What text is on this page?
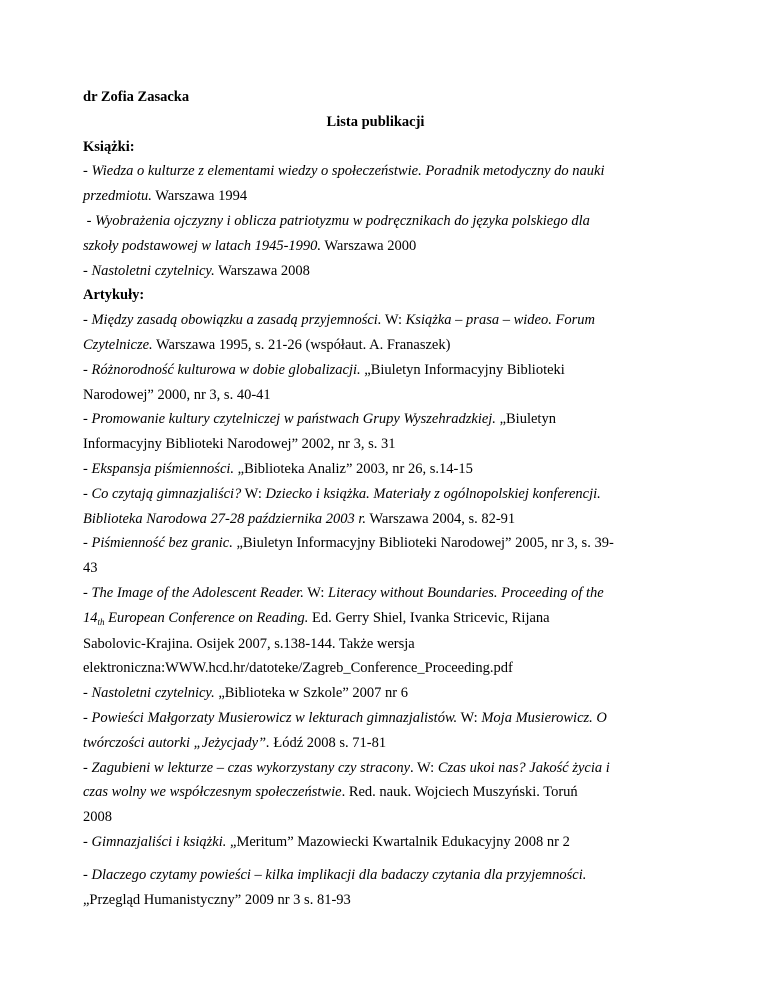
dr Zofia Zasacka
Lista publikacji
Książki:
- Wiedza o kulturze z elementami wiedzy o społeczeństwie. Poradnik metodyczny do nauki
przedmiotu. Warszawa 1994
- Wyobrażenia ojczyzny i oblicza patriotyzmu w podręcznikach do języka polskiego dla
szkoły podstawowej w latach 1945-1990. Warszawa 2000
- Nastoletni czytelnicy. Warszawa 2008
Artykuły:
- Między zasadą obowiązku a zasadą przyjemności. W: Książka – prasa – wideo. Forum
Czytelnicze. Warszawa 1995, s. 21-26 (współaut. A. Franaszek)
- Różnorodność kulturowa w dobie globalizacji. „Biuletyn Informacyjny Biblioteki
Narodowej” 2000, nr 3, s. 40-41
- Promowanie kultury czytelniczej w państwach Grupy Wyszehradzkiej. „Biuletyn
Informacyjny Biblioteki Narodowej” 2002, nr 3, s. 31
- Ekspansja piśmienności. „Biblioteka Analiz” 2003, nr 26, s.14-15
- Co czytają gimnazjaliści? W: Dziecko i książka. Materiały z ogólnopolskiej konferencji.
Biblioteka Narodowa 27-28 października 2003 r. Warszawa 2004, s. 82-91
- Piśmienność bez granic. „Biuletyn Informacyjny Biblioteki Narodowej” 2005, nr 3, s. 39-
43
- The Image of the Adolescent Reader. W: Literacy without Boundaries. Proceeding of the
$14_{th}$ European Conference on Reading. Ed. Gerry Shiel, Ivanka Stricevic, Rijana
Sabolovic-Krajina. Osijek 2007, s.138-144. Także wersja
elektroniczna:WWW.hcd.hr/datoteke/Zagreb_Conference_Proceeding.pdf
- Nastoletni czytelnicy. „Biblioteka w Szkole” 2007 nr 6
- Powieści Małgorzaty Musierowicz w lekturach gimnazjalistów. W: Moja Musierowicz. O
twórczości autorki „Jeżycjady”. Łódź 2008 s. 71-81
- Zagubieni w lekturze – czas wykorzystany czy stracony. W: Czas ukoi nas? Jakość życia i
czas wolny we współczesnym społeczeństwie. Red. nauk. Wojciech Muszyński. Toruń
2008
- Gimnazjaliści i książki. „Meritum” Mazowiecki Kwartalnik Edukacyjny 2008 nr 2
- Dlaczego czytamy powieści – kilka implikacji dla badaczy czytania dla przyjemności.
„Przegląd Humanistyczny” 2009 nr 3 s. 81-93
